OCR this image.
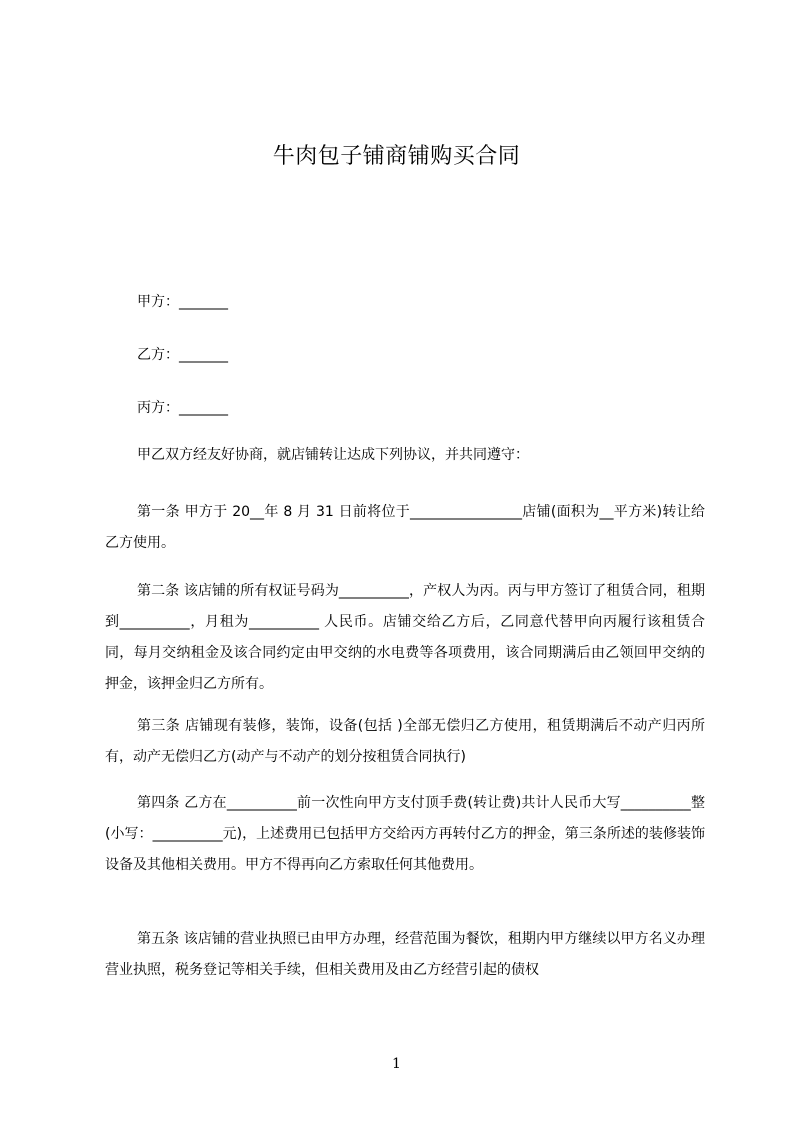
牛肉包子铺商铺购买合同
甲方：_______
乙方：_______
丙方：_______
甲乙双方经友好协商，就店铺转让达成下列协议，并共同遵守：
第一条 甲方于 20__年 8 月 31 日前将位于________________店铺(面积为__平方米)转让给乙方使用。
第二条 该店铺的所有权证号码为__________，产权人为丙。丙与甲方签订了租赁合同，租期到__________，月租为__________ 人民币。店铺交给乙方后，乙同意代替甲向丙履行该租赁合同，每月交纳租金及该合同约定由甲交纳的水电费等各项费用，该合同期满后由乙领回甲交纳的押金，该押金归乙方所有。
第三条 店铺现有装修，装饰，设备(包括 )全部无偿归乙方使用，租赁期满后不动产归丙所有，动产无偿归乙方(动产与不动产的划分按租赁合同执行)
第四条 乙方在__________前一次性向甲方支付顶手费(转让费)共计人民币大写__________整(小写：__________元)，上述费用已包括甲方交给丙方再转付乙方的押金，第三条所述的装修装饰设备及其他相关费用。甲方不得再向乙方索取任何其他费用。
第五条 该店铺的营业执照已由甲方办理，经营范围为餐饮，租期内甲方继续以甲方名义办理营业执照，税务登记等相关手续，但相关费用及由乙方经营引起的债权
1
